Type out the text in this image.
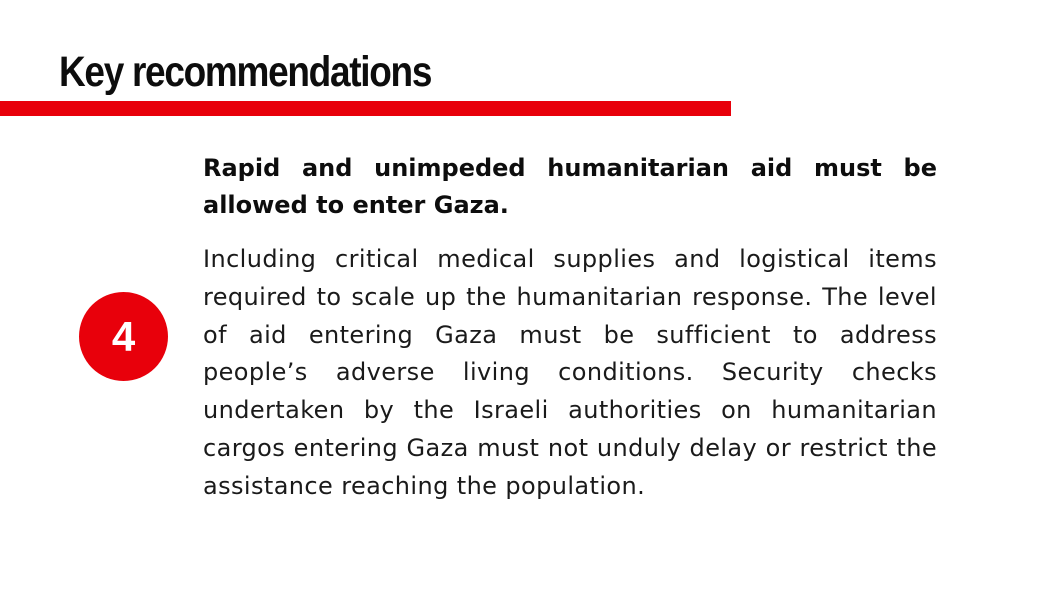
Key recommendations
4

Rapid and unimpeded humanitarian aid must be allowed to enter Gaza.

Including critical medical supplies and logistical items required to scale up the humanitarian response. The level of aid entering Gaza must be sufficient to address people’s adverse living conditions. Security checks undertaken by the Israeli authorities on humanitarian cargos entering Gaza must not unduly delay or restrict the assistance reaching the population.
